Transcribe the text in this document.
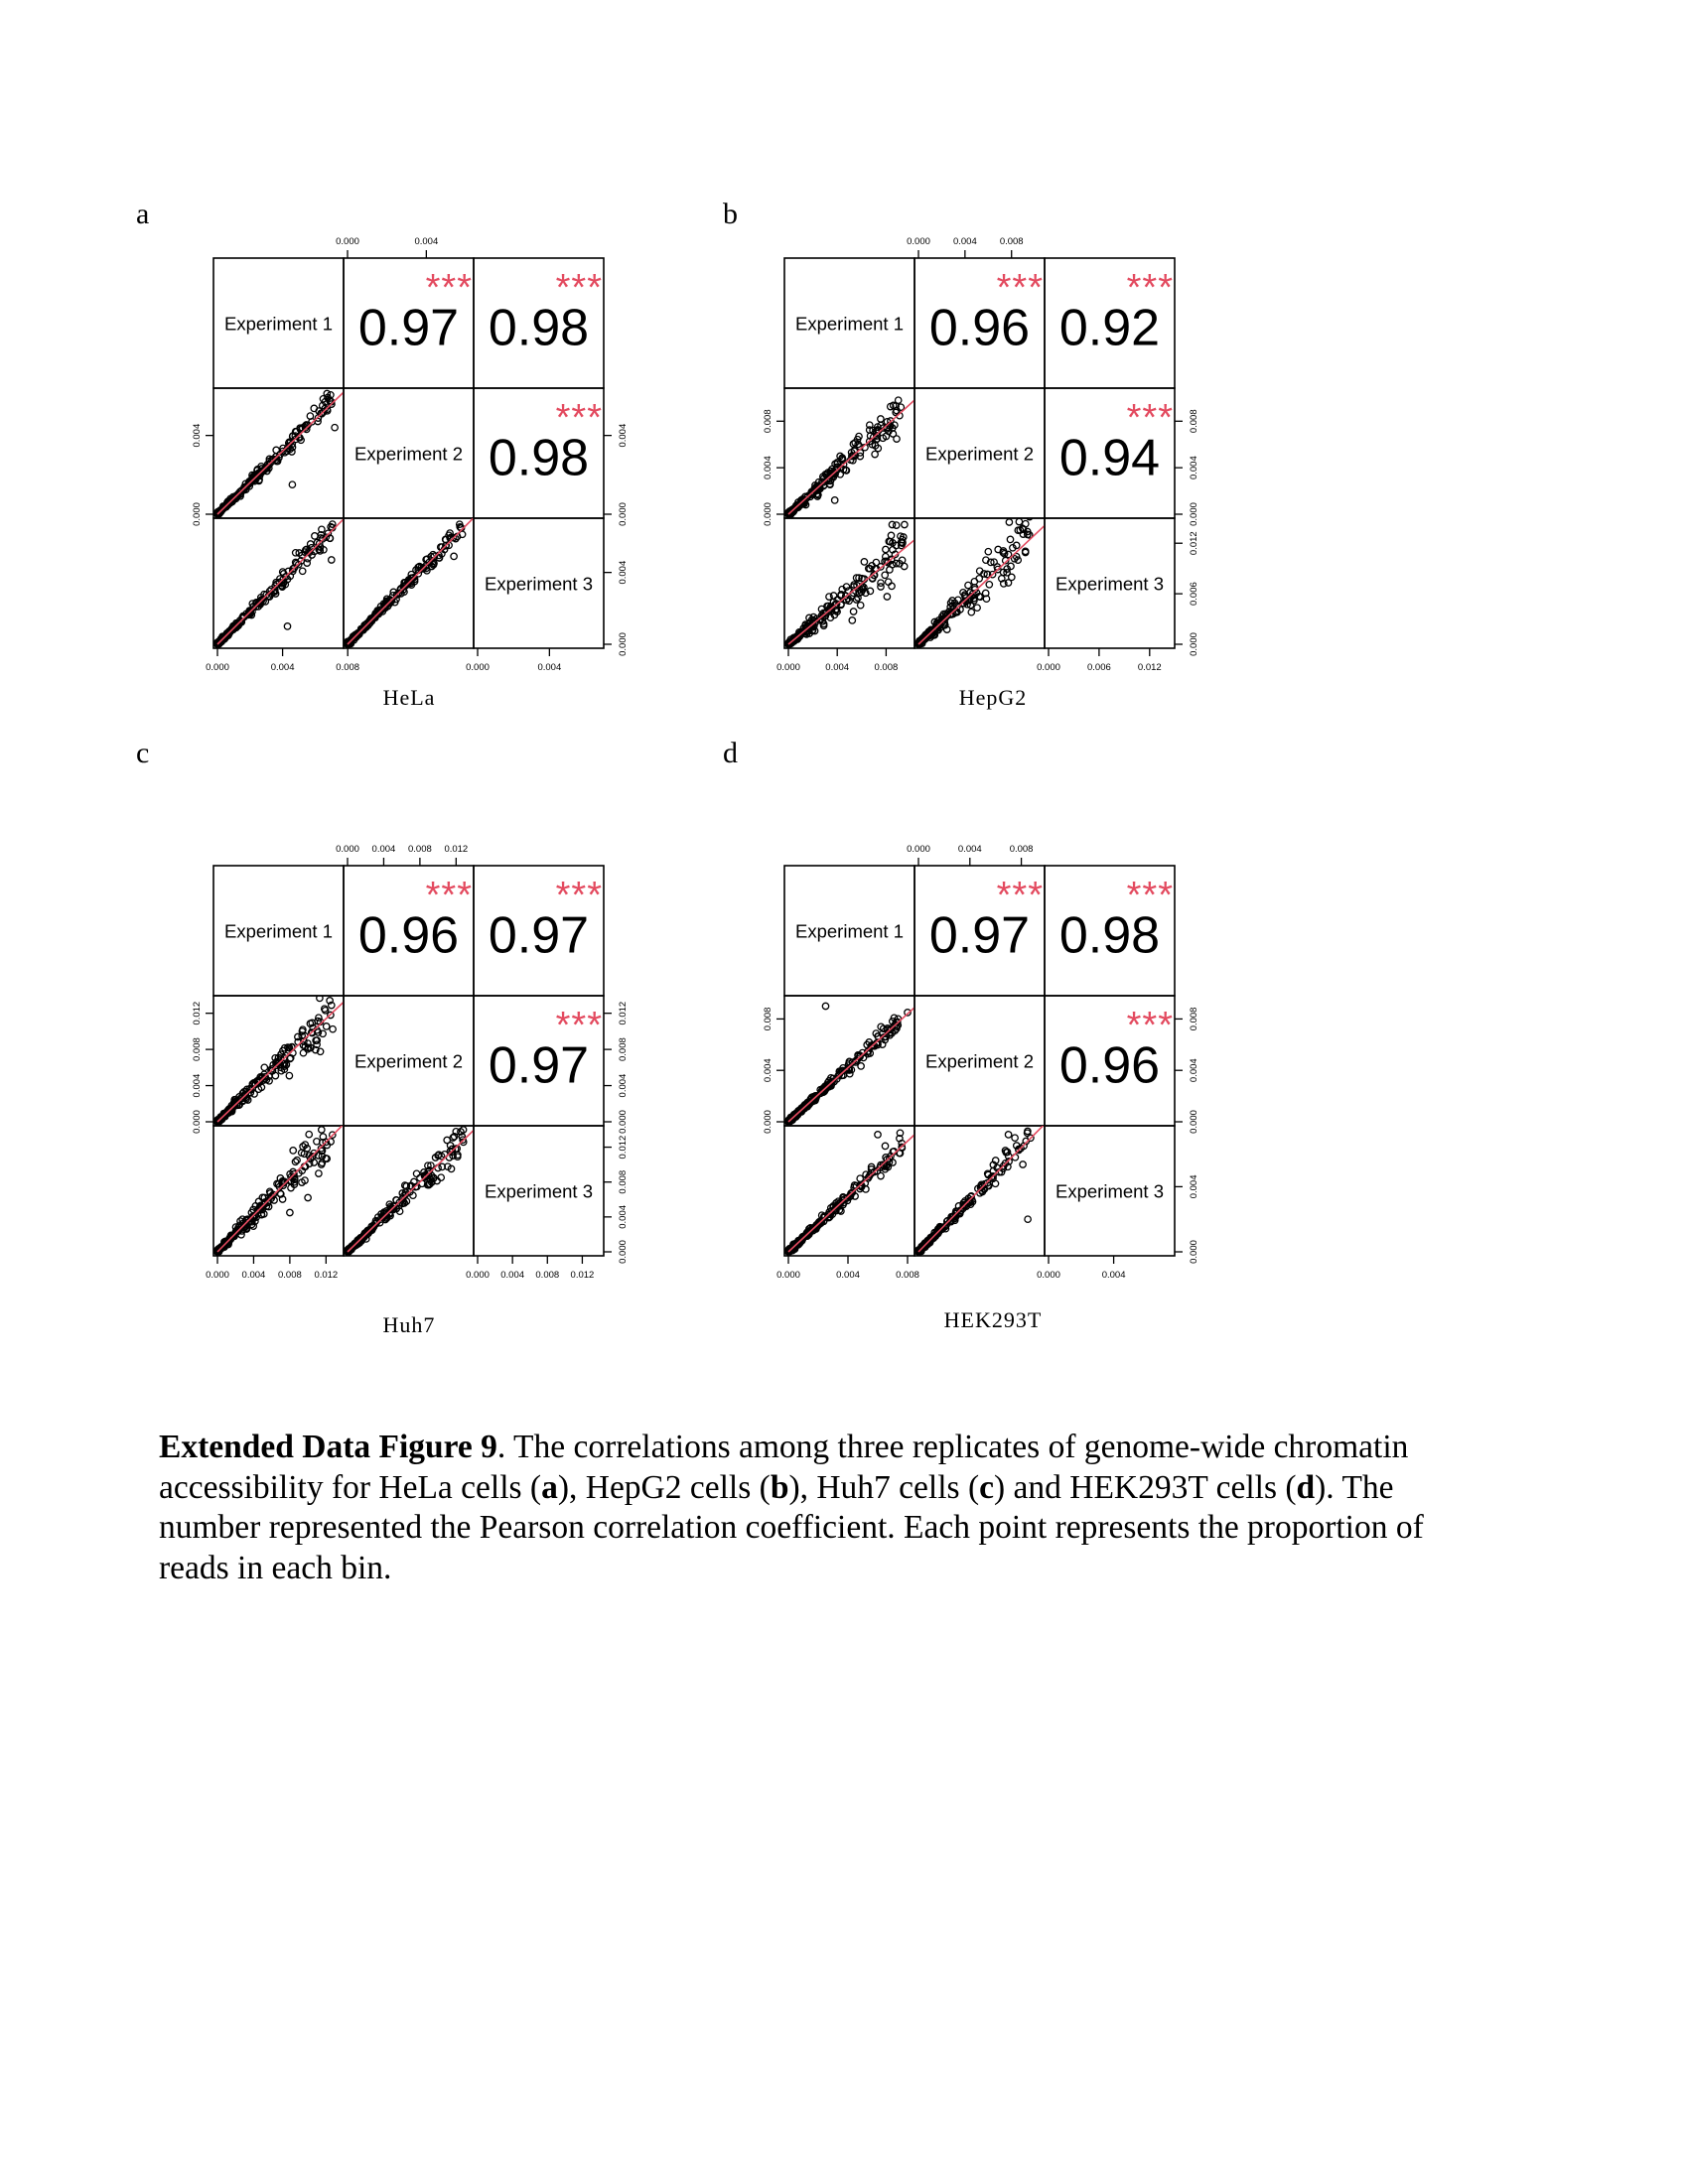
a
HeLa
Experiment 1 0.97
***
0.98
***
Experiment 2 0.98
***
Experiment 3
0.000	0.004
0.000	0.004	0.008
0.000
0.004
0.000
0.004
0.000	0.004
0.000
0.004
b
HepG2
Experiment 1 0.96
***
0.92
***
Experiment 2 0.94
***
Experiment 3
0.000 0.004 0.008
0.000	0.004	0.008
0.000
0.004
0.008
0.000
0.004
0.008
0.000	0.006	0.012
0.000
0.006
0.012
c
Huh7
Experiment 1 0.96
***
0.97
***
Experiment 2 0.97
***
Experiment 3
0.000 0.004 0.008 0.012
0.000 0.004 0.008 0.012
0.000
0.004
0.008
0.012
0.000
0.004
0.008
0.012
0.000 0.004 0.008 0.012
0.000
0.004
0.008
0.012
d
HEK293T
Experiment 1 0.97
***
0.98
***
Experiment 2 0.96
***
Experiment 3
0.000	0.004	0.008
0.000	0.004	0.008
0.000
0.004
0.008
0.000
0.004
0.008
0.000	0.004
0.000
0.004
Extended Data Figure 9. The correlations among three replicates of genome-wide chromatin accessibility for HeLa cells (a), HepG2 cells (b), Huh7 cells (c) and HEK293T cells (d). The number represented the Pearson correlation coefficient. Each point represents the proportion of reads in each bin.
